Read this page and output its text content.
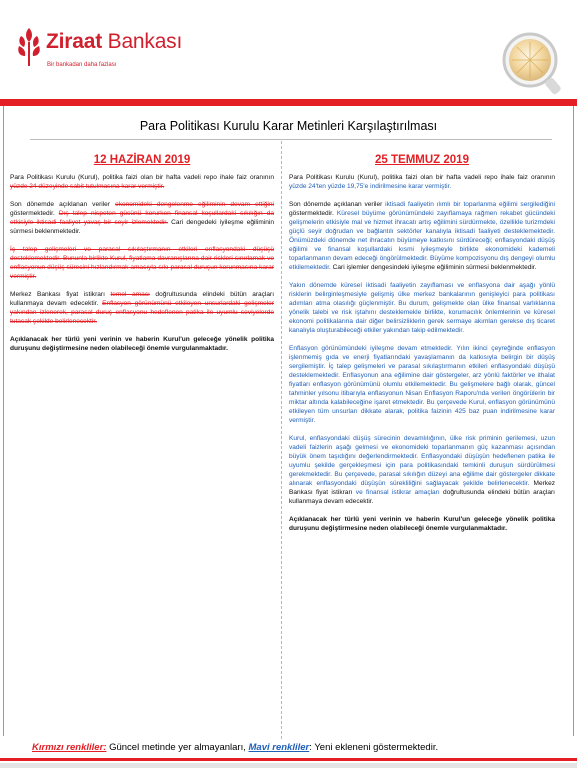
Ziraat Bankası
Bir bankadan daha fazlası
Para Politikası Kurulu Karar Metinleri Karşılaştırılması
12 HAZİRAN 2019

Para Politikası Kurulu (Kurul), politika faizi olan bir hafta vadeli repo ihale faiz oranının yüzde 24 düzeyinde sabit tutulmasına karar vermiştir.

Son dönemde açıklanan veriler ekonomideki dengelenme eğiliminin devam ettiğini göstermektedir. Dış talep nispeten gücünü korurken finansal koşullardaki sıkılığın da etkisiyle iktisadi faaliyet yavaş bir seyir izlemektedir. Cari dengedeki iyileşme eğiliminin sürmesi beklenmektedir.

İç talep gelişmeleri ve parasal sıkılaştırmanın etkileri enflasyondaki düşüşü desteklemektedir. Bununla birlikte Kurul, fiyatlama davranışlarına dair riskleri sınırlamak ve enflasyonun düşüş sürecini hızlandırmak amacıyla sıkı parasal duruşun korunmasına karar vermiştir.

Merkez Bankası fiyat istikrarı temel amacı doğrultusunda elindeki bütün araçları kullanmaya devam edecektir. Enflasyon görünümünü etkileyen unsurlardaki gelişmeler yakından izlenerek, parasal duruş enflasyonu hedeflenen patika ile uyumlu seviyelerde tutacak şekilde belirlenecektir.

Açıklanacak her türlü yeni verinin ve haberin Kurul'un geleceğe yönelik politika duruşunu değiştirmesine neden olabileceği önemle vurgulanmaktadır.

25 TEMMUZ 2019

Para Politikası Kurulu (Kurul), politika faizi olan bir hafta vadeli repo ihale faiz oranının yüzde 24'ten yüzde 19,75'e indirilmesine karar vermiştir.

Son dönemde açıklanan veriler iktisadi faaliyetin ılımlı bir toparlanma eğilimi sergilediğini göstermektedir. Küresel büyüme görünümündeki zayıflamaya rağmen rekabet gücündeki gelişmelerin etkisiyle mal ve hizmet ihracatı artış eğilimini sürdürmekte, özellikle turizmdeki güçlü seyir doğrudan ve bağlantılı sektörler kanalıyla iktisadi faaliyeti desteklemektedir. Önümüzdeki dönemde net ihracatın büyümeye katkısını sürdüreceği; enflasyondaki düşüş eğilimi ve finansal koşullardaki kısmi iyileşmeyle birlikte ekonomideki kademeli toparlanmanın devam edeceği öngörülmektedir. Büyüme kompozisyonu dış dengeyi olumlu etkilemektedir. Cari işlemler dengesindeki iyileşme eğiliminin sürmesi beklenmektedir.

Yakın dönemde küresel iktisadi faaliyetin zayıflaması ve enflasyona dair aşağı yönlü risklerin belirginleşmesiyle gelişmiş ülke merkez bankalarının genişleyici para politikası adımları atma olasılığı güçlenmiştir. Bu durum, gelişmekte olan ülke finansal varlıklarına yönelik talebi ve risk iştahını desteklemekle birlikte, korumacılık önlemlerinin ve küresel ekonomi politikalarına dair diğer belirsizliklerin gerek sermaye akımları gerekse dış ticaret kanalıyla oluşturabileceği etkiler yakından takip edilmektedir.

Enflasyon görünümündeki iyileşme devam etmektedir. Yılın ikinci çeyreğinde enflasyon işlenmemiş gıda ve enerji fiyatlarındaki yavaşlamanın da katkısıyla belirgin bir düşüş sergilemiştir. İç talep gelişmeleri ve parasal sıkılaştırmanın etkileri enflasyondaki düşüşü desteklemektedir. Enflasyonun ana eğilimine dair göstergeler, arz yönlü faktörler ve ithalat fiyatları enflasyon görünümünü olumlu etkilemektedir. Bu gelişmelere bağlı olarak, güncel tahminler yılsonu itibarıyla enflasyonun Nisan Enflasyon Raporu'nda verilen öngörülerin bir miktar altında kalabileceğine işaret etmektedir. Bu çerçevede Kurul, enflasyon görünümünü etkileyen tüm unsurları dikkate alarak, politika faizinin 425 baz puan indirilmesine karar vermiştir.

Kurul, enflasyondaki düşüş sürecinin devamlılığının, ülke risk priminin gerilemesi, uzun vadeli faizlerin aşağı gelmesi ve ekonomideki toparlanmanın güç kazanması açısından büyük önem taşıdığını değerlendirmektedir. Enflasyondaki düşüşün hedeflenen patika ile uyumlu şekilde gerçekleşmesi için para politikasındaki temkinli duruşun sürdürülmesi gerekmektedir. Bu çerçevede, parasal sıkılığın düzeyi ana eğilime dair göstergeler dikkate alınarak enflasyondaki düşüşün sürekliliğini sağlayacak şekilde belirlenecektir. Merkez Bankası fiyat istikrarı ve finansal istikrar amaçları doğrultusunda elindeki bütün araçları kullanmaya devam edecektir.

Açıklanacak her türlü yeni verinin ve haberin Kurul'un geleceğe yönelik politika duruşunu değiştirmesine neden olabileceği önemle vurgulanmaktadır.

Kırmızı renkliler: Güncel metinde yer almayanları, Mavi renkliler: Yeni ekleneni göstermektedir.
